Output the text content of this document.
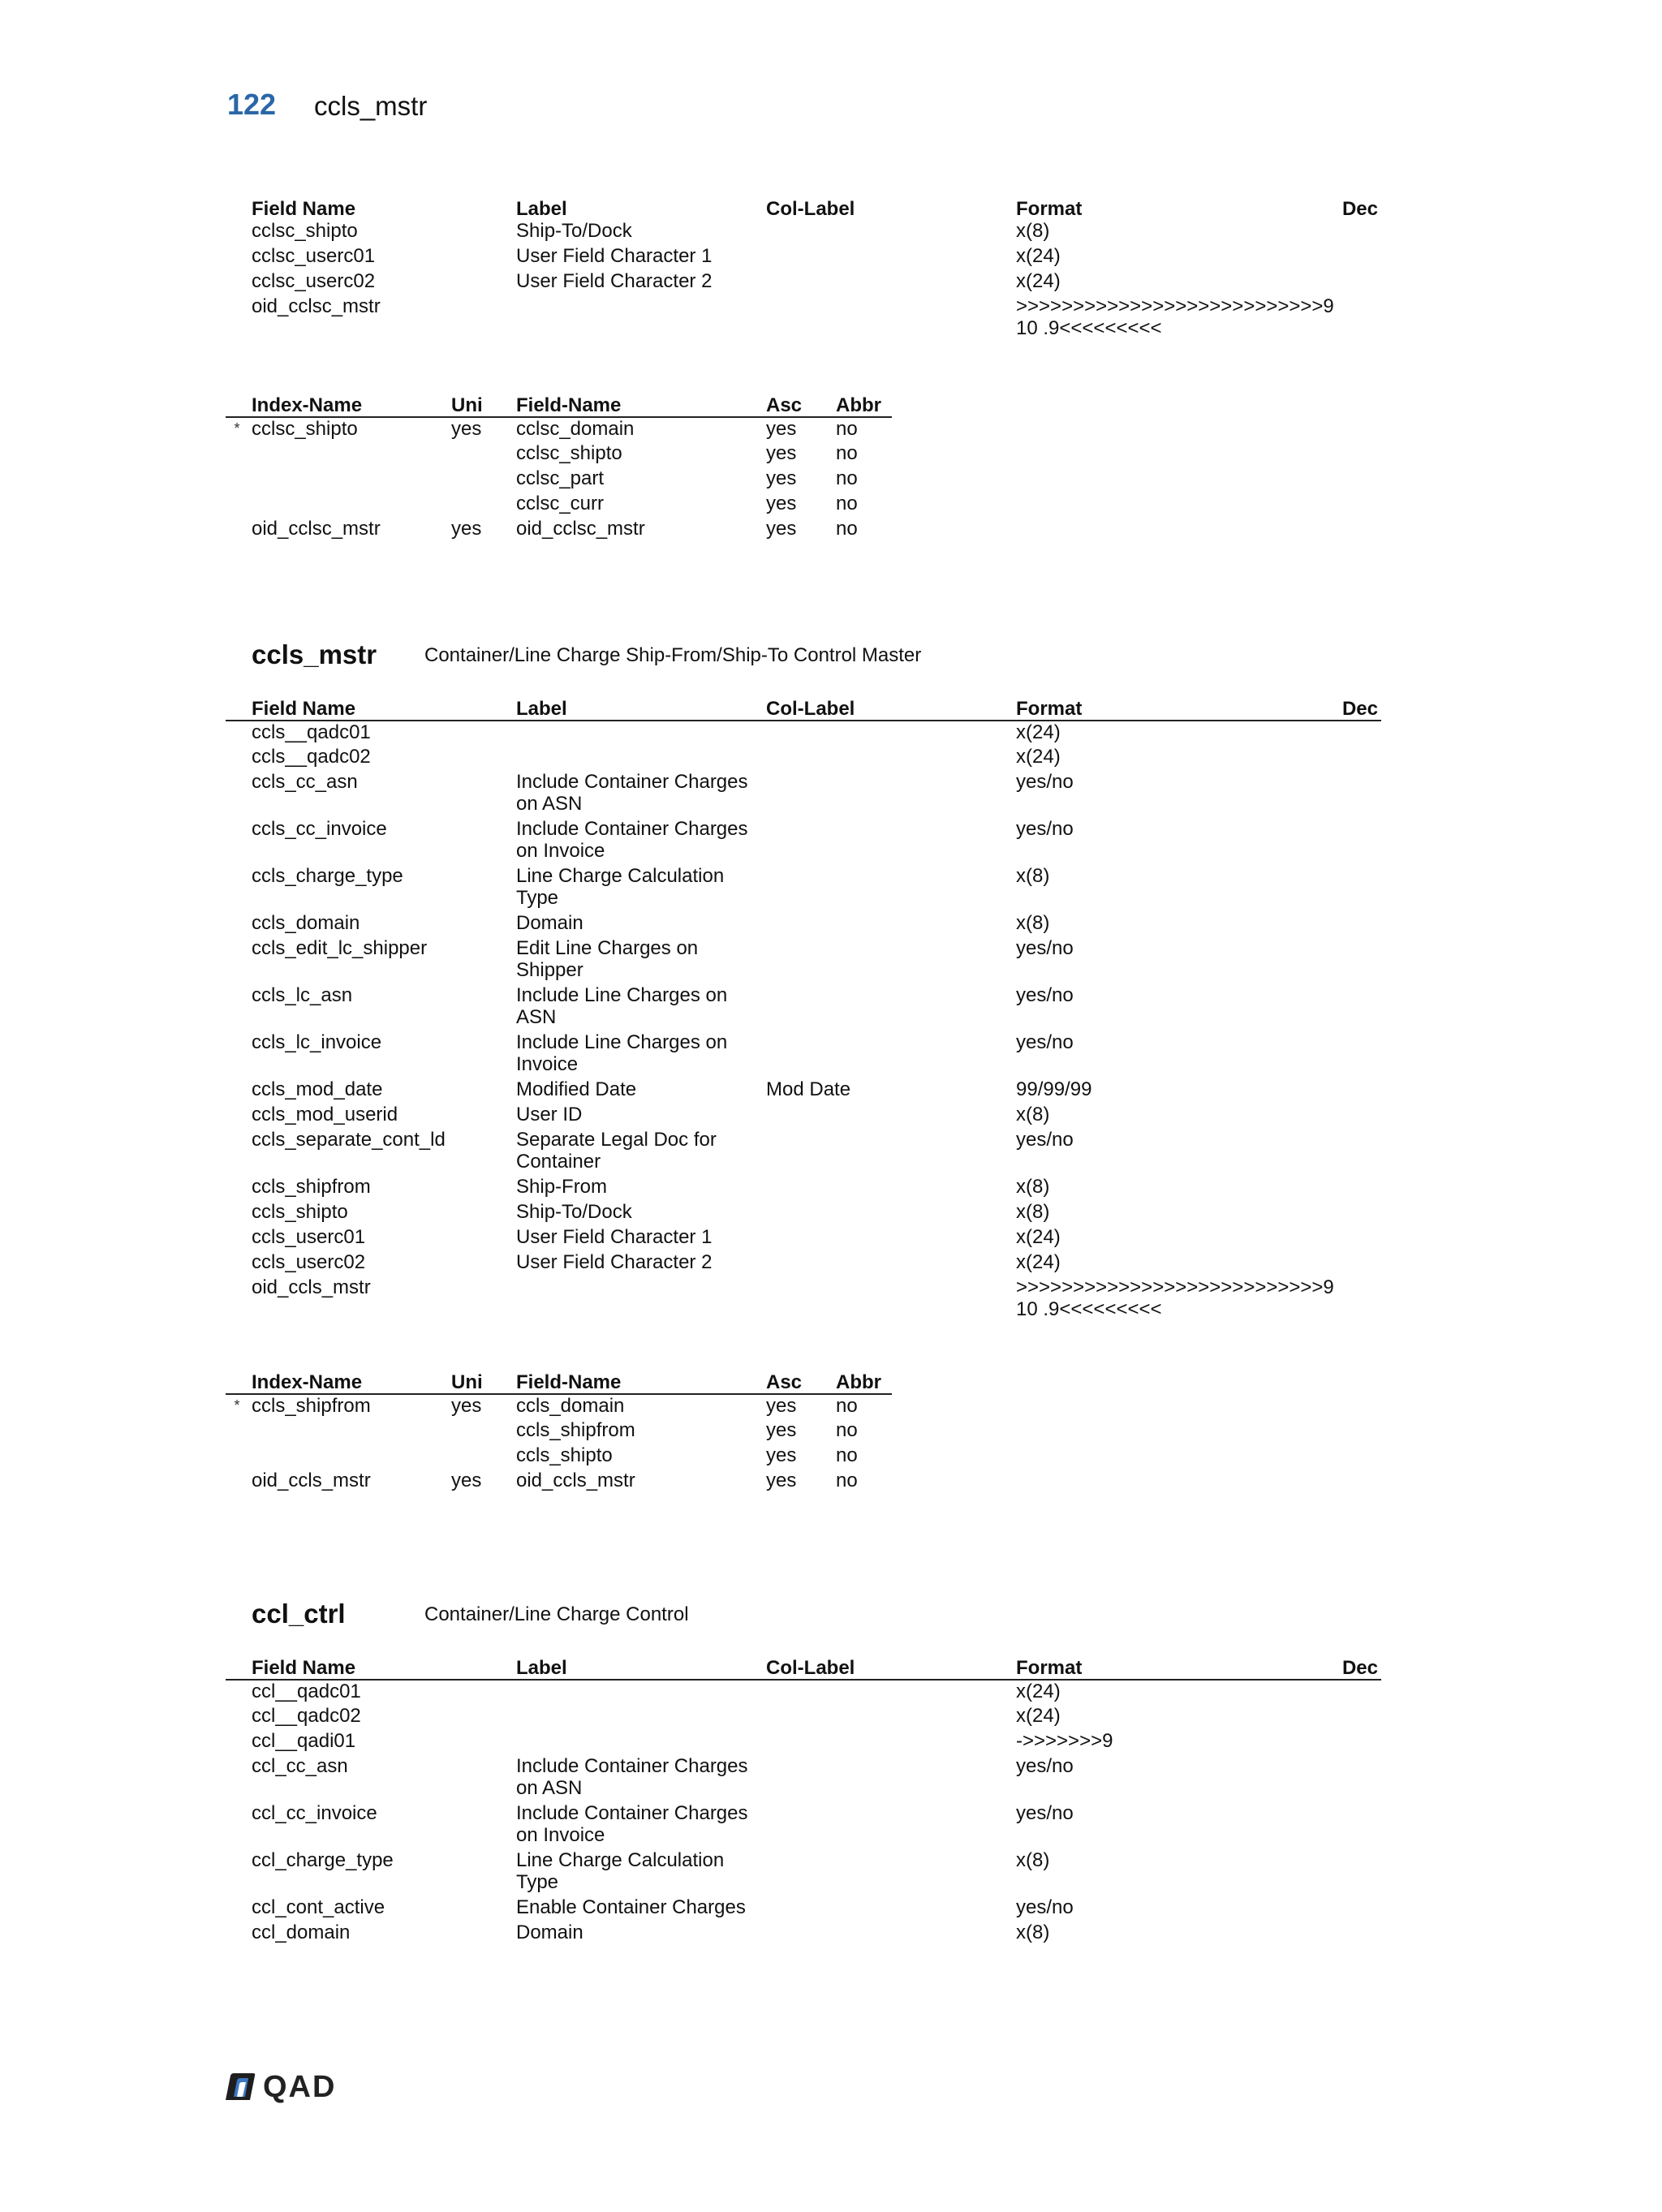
122 ccls_mstr
	Field Name	Label	Col-Label	Format	Dec
	cclsc_shipto	Ship-To/Dock		x(8)	
	cclsc_userc01	User Field Character 1		x(24)	
	cclsc_userc02	User Field Character 2		x(24)	
	oid_cclsc_mstr			>>>>>>>>>>>>>>>>>>>>>>>>>>>9 10 .9<<<<<<<<<	
	Index-Name	Uni	Field-Name	Asc	Abbr
*	cclsc_shipto	yes	cclsc_domain	yes	no
			cclsc_shipto	yes	no
			cclsc_part	yes	no
			cclsc_curr	yes	no
	oid_cclsc_mstr	yes	oid_cclsc_mstr	yes	no
ccls_mstr Container/Line Charge Ship-From/Ship-To Control Master
	Field Name	Label	Col-Label	Format	Dec
	ccls__qadc01			x(24)	
	ccls__qadc02			x(24)	
	ccls_cc_asn	Include Container Charges on ASN		yes/no	
	ccls_cc_invoice	Include Container Charges on Invoice		yes/no	
	ccls_charge_type	Line Charge Calculation Type		x(8)	
	ccls_domain	Domain		x(8)	
	ccls_edit_lc_shipper	Edit Line Charges on Shipper		yes/no	
	ccls_lc_asn	Include Line Charges on ASN		yes/no	
	ccls_lc_invoice	Include Line Charges on Invoice		yes/no	
	ccls_mod_date	Modified Date	Mod Date	99/99/99	
	ccls_mod_userid	User ID		x(8)	
	ccls_separate_cont_ld	Separate Legal Doc for Container		yes/no	
	ccls_shipfrom	Ship-From		x(8)	
	ccls_shipto	Ship-To/Dock		x(8)	
	ccls_userc01	User Field Character 1		x(24)	
	ccls_userc02	User Field Character 2		x(24)	
	oid_ccls_mstr			>>>>>>>>>>>>>>>>>>>>>>>>>>>9 10 .9<<<<<<<<<	
	Index-Name	Uni	Field-Name	Asc	Abbr
*	ccls_shipfrom	yes	ccls_domain	yes	no
			ccls_shipfrom	yes	no
			ccls_shipto	yes	no
	oid_ccls_mstr	yes	oid_ccls_mstr	yes	no
ccl_ctrl	Container/Line Charge Control
	Field Name	Label	Col-Label	Format	Dec
	ccl__qadc01			x(24)	
	ccl__qadc02			x(24)	
	ccl__qadi01			->>>>>>>9	
	ccl_cc_asn	Include Container Charges on ASN		yes/no	
	ccl_cc_invoice	Include Container Charges on Invoice		yes/no	
	ccl_charge_type	Line Charge Calculation Type		x(8)	
	ccl_cont_active	Enable Container Charges		yes/no	
	ccl_domain	Domain		x(8)	
QAD
